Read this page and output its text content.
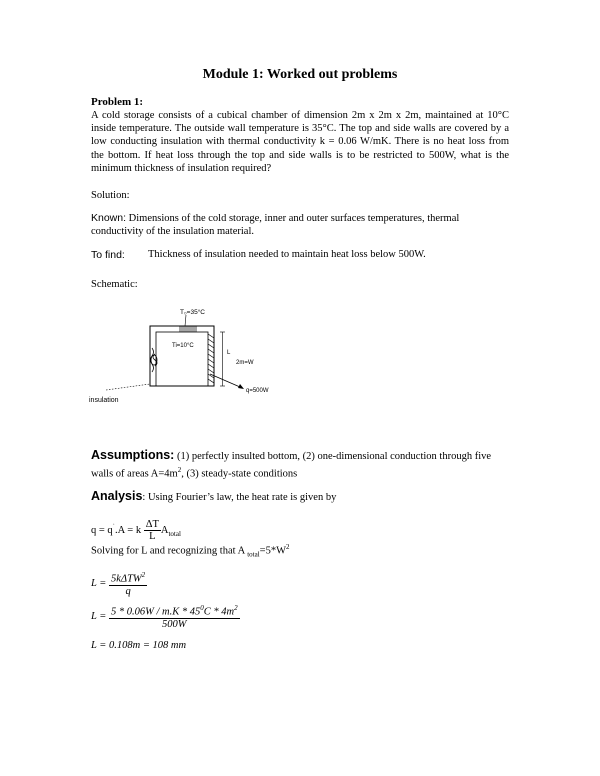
Module 1: Worked out problems
Problem 1:
A cold storage consists of a cubical chamber of dimension 2m x 2m x 2m, maintained at 10°C inside temperature. The outside wall temperature is 35°C. The top and side walls are covered by a low conducting insulation with thermal conductivity k = 0.06 W/mK. There is no heat loss from the bottom. If heat loss through the top and side walls is to be restricted to 500W, what is the minimum thickness of insulation required?
Solution:
Known: Dimensions of the cold storage, inner and outer surfaces temperatures, thermal conductivity of the insulation material.
To find: Thickness of insulation needed to maintain heat loss below 500W.
Schematic:
T₀=35°C
Ti=10°C
L
2m=W
q=500W
insulation
Assumptions: (1) perfectly insulted bottom, (2) one-dimensional conduction through five walls of areas $A=4m^2$, (3) steady-state conditions
Analysis: Using Fourier’s law, the heat rate is given by
q = q˙.A = k $\frac{\Delta T}{L} A_{total}$
Solving for L and recognizing that A $_{total}=5*W^2$
$L = \frac{5k\Delta TW^2}{q}$
$L = \frac{5 * 0.06W / m.K * 45^0C * 4m^2}{500W}$
L = 0.108m = 108 mm
